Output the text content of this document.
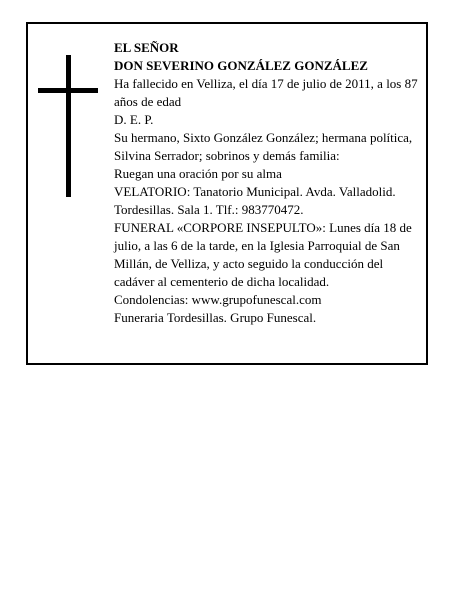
EL SEÑOR

DON SEVERINO GONZÁLEZ GONZÁLEZ

Ha fallecido en Velliza, el día 17 de julio de 2011, a los 87 años de edad

D. E. P.

Su hermano, Sixto González González; hermana política, Silvina Serrador; sobrinos y demás familia:

Ruegan una oración por su alma

VELATORIO: Tanatorio Municipal. Avda. Valladolid. Tordesillas. Sala 1. Tlf.: 983770472.

FUNERAL «CORPORE INSEPULTO»: Lunes día 18 de julio, a las 6 de la tarde, en la Iglesia Parroquial de San Millán, de Velliza, y acto seguido la conducción del cadáver al cementerio de dicha localidad.

Condolencias: www.grupofunescal.com

Funeraria Tordesillas. Grupo Funescal.
